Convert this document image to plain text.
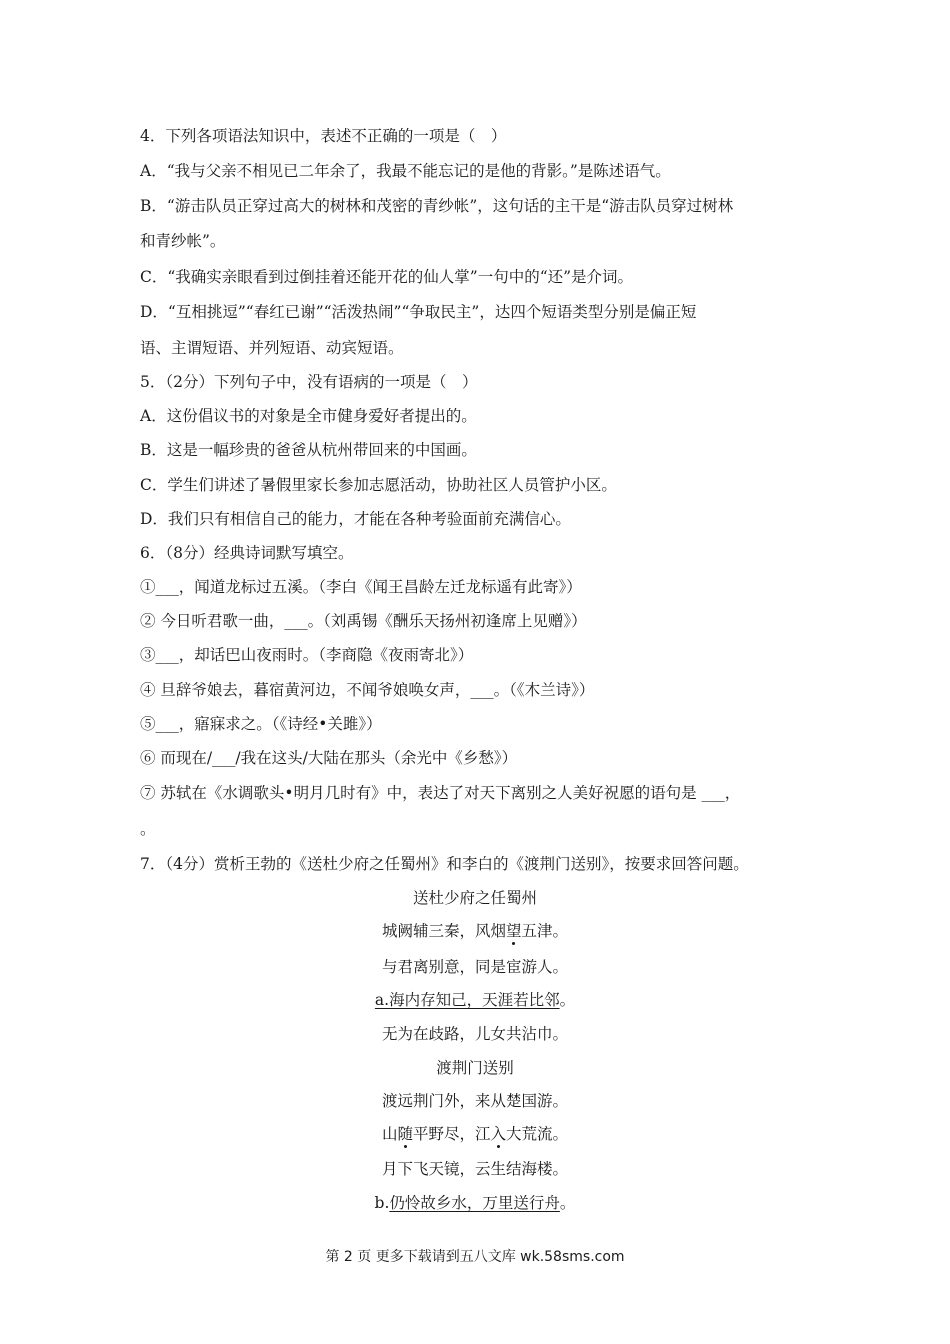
4．下列各项语法知识中，表述不正确的一项是（　）
A．“我与父亲不相见已二年余了，我最不能忘记的是他的背影。”是陈述语气。
B．“游击队员正穿过高大的树林和茂密的青纱帐”，这句话的主干是“游击队员穿过树林
和青纱帐”。
C．“我确实亲眼看到过倒挂着还能开花的仙人掌”一句中的“还”是介词。
D．“互相挑逗”“春红已谢”“活泼热闹”“争取民主”，达四个短语类型分别是偏正短
语、主谓短语、并列短语、动宾短语。
5．（2分）下列句子中，没有语病的一项是（　）
A．这份倡议书的对象是全市健身爱好者提出的。
B．这是一幅珍贵的爸爸从杭州带回来的中国画。
C．学生们讲述了暑假里家长参加志愿活动，协助社区人员管护小区。
D．我们只有相信自己的能力，才能在各种考验面前充满信心。
6．（8分）经典诗词默写填空。
①___，闻道龙标过五溪。（李白《闻王昌龄左迁龙标遥有此寄》）
② 今日听君歌一曲，___。（刘禹锡《酬乐天扬州初逢席上见赠》）
③___，却话巴山夜雨时。（李商隐《夜雨寄北》）
④ 旦辞爷娘去，暮宿黄河边，不闻爷娘唤女声，___。（《木兰诗》）
⑤___，寤寐求之。（《诗经•关雎》）
⑥ 而现在/___/我在这头/大陆在那头（余光中《乡愁》）
⑦ 苏轼在《水调歌头•明月几时有》中，表达了对天下离别之人美好祝愿的语句是 ___，
。
7．（4分）赏析王勃的《送杜少府之任蜀州》和李白的《渡荆门送别》，按要求回答问题。
送杜少府之任蜀州
城阙辅三秦，风烟望五津。
与君离别意，同是宦游人。
a.海内存知己，天涯若比邻。
无为在歧路，儿女共沾巾。
渡荆门送别
渡远荆门外，来从楚国游。
山随平野尽，江入大荒流。
月下飞天镜，云生结海楼。
b.仍怜故乡水，万里送行舟。
第 2 页 更多下载请到五八文库 wk.58sms.com
